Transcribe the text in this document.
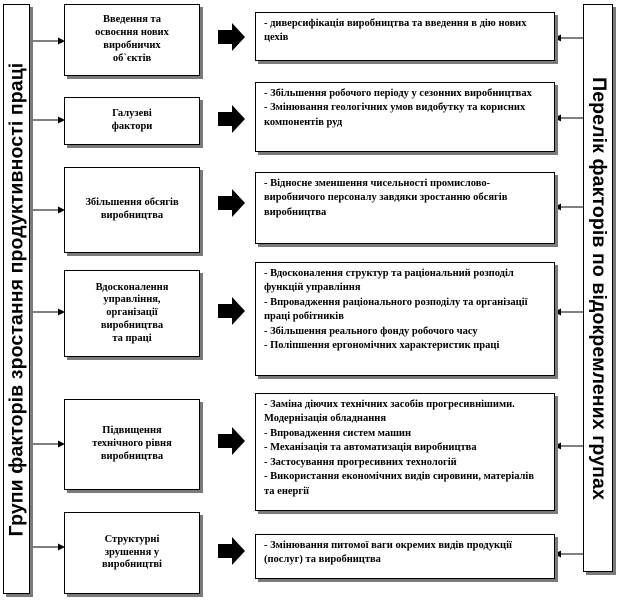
Групи факторів зростання продуктивності праці	Перелік факторів по відокремлених групах
Введення та
освоєння нових
виробничих
об`єктів
Галузеві
фактори
Збільшення обсягів
виробництва
Вдосконалення
управління,
організації
виробництва
та праці
Підвищення
технічного рівня
виробництва
Структурні
зрушення у
виробництві
- диверсифікація виробництва та введення в дію нових цехів
- Збільшення робочого періоду у сезонних виробництвах
- Змінювання геологічних умов видобутку та корисних компонентів руд
- Відносне зменшення чисельності промислово-виробничого персоналу завдяки зростанню обсягів виробництва
- Вдосконалення структур та раціональний розподіл функцій управління
- Впровадження раціонального розподілу та організації праці робітників
- Збільшення реального фонду робочого часу
- Поліпшення ергономічних характеристик праці
- Заміна діючих технічних засобів прогресивнішими. Модернізація обладнання
- Впровадження систем машин
- Механізація та автоматизація виробництва
- Застосування прогресивних технологій
- Використання економічних видів сировини, матеріалів та енергії
- Змінювання питомої ваги окремих видів продукції (послуг) та виробництва
